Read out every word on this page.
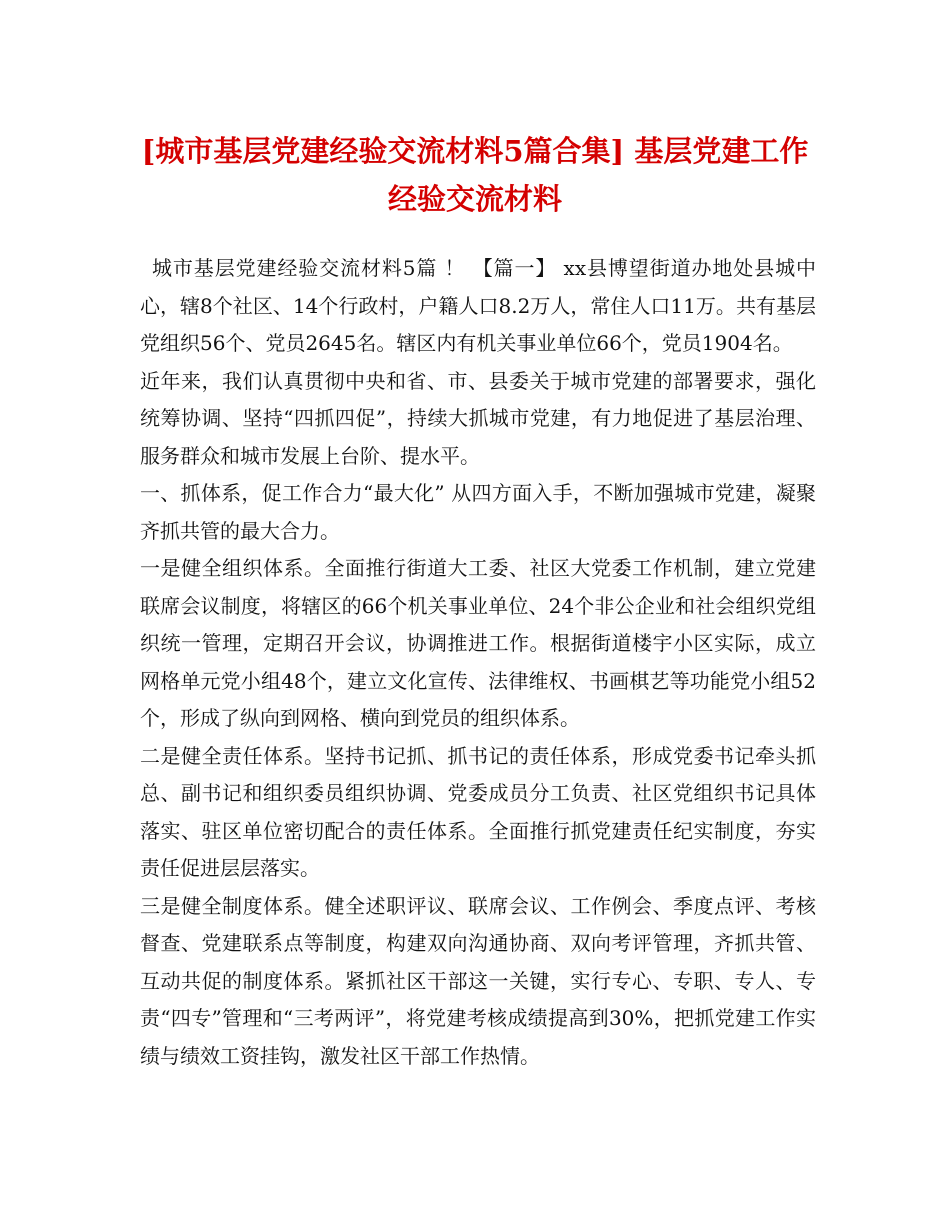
[城市基层党建经验交流材料5篇合集] 基层党建工作
经验交流材料

城市基层党建经验交流材料5篇 ！ 【篇一】 xx县博望街道办地处县城中心，辖8个社区、14个行政村，户籍人口8.2万人，常住人口11万。共有基层党组织56个、党员2645名。辖区内有机关事业单位66个，党员1904名。

近年来，我们认真贯彻中央和省、市、县委关于城市党建的部署要求，强化统筹协调、坚持“四抓四促”，持续大抓城市党建，有力地促进了基层治理、服务群众和城市发展上台阶、提水平。

一、抓体系，促工作合力“最大化” 从四方面入手，不断加强城市党建，凝聚齐抓共管的最大合力。

一是健全组织体系。全面推行街道大工委、社区大党委工作机制，建立党建联席会议制度，将辖区的66个机关事业单位、24个非公企业和社会组织党组织统一管理，定期召开会议，协调推进工作。根据街道楼宇小区实际，成立网格单元党小组48个，建立文化宣传、法律维权、书画棋艺等功能党小组52个，形成了纵向到网格、横向到党员的组织体系。

二是健全责任体系。坚持书记抓、抓书记的责任体系，形成党委书记牵头抓总、副书记和组织委员组织协调、党委成员分工负责、社区党组织书记具体落实、驻区单位密切配合的责任体系。全面推行抓党建责任纪实制度，夯实责任促进层层落实。

三是健全制度体系。健全述职评议、联席会议、工作例会、季度点评、考核督查、党建联系点等制度，构建双向沟通协商、双向考评管理，齐抓共管、互动共促的制度体系。紧抓社区干部这一关键，实行专心、专职、专人、专责“四专”管理和“三考两评”，将党建考核成绩提高到30%，把抓党建工作实绩与绩效工资挂钩，激发社区干部工作热情。
